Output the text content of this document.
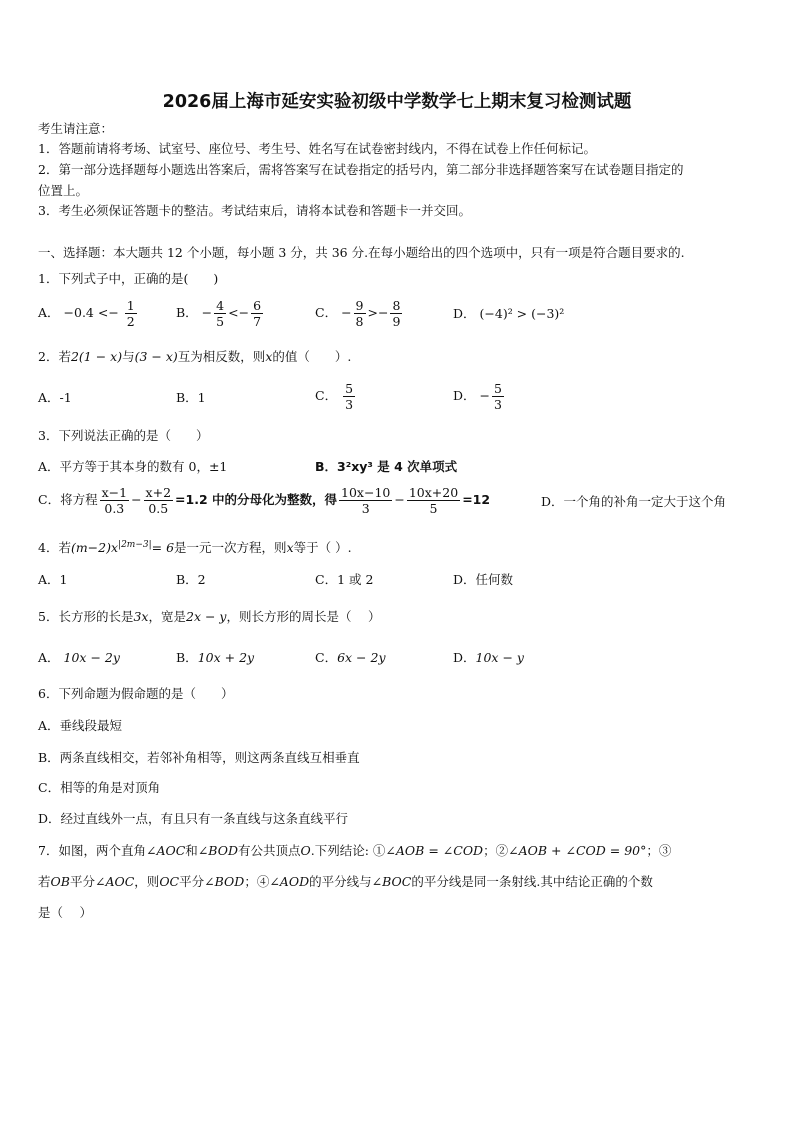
2026届上海市延安实验初级中学数学七上期末复习检测试题
考生请注意：
1．答题前请将考场、试室号、座位号、考生号、姓名写在试卷密封线内，不得在试卷上作任何标记。
2．第一部分选择题每小题选出答案后，需将答案写在试卷指定的括号内，第二部分非选择题答案写在试卷题目指定的
位置上。
3．考生必须保证答题卡的整洁。考试结束后，请将本试卷和答题卡一并交回。
一、选择题：本大题共 12 个小题，每小题 3 分，共 36 分.在每小题给出的四个选项中，只有一项是符合题目要求的.
1．下列式子中，正确的是(　　)
A． $-0.4 <- \frac{1}{2}$	B． − $\frac{4}{5} <- \frac{6}{7}$	C． − $\frac{9}{8} >- \frac{8}{9}$	D． (−4)² > (−3)²
2．若2(1 − x)与(3 − x)互为相反数，则x的值（　　）.
A．-1	B．1	C． $\frac{5}{3}$	D． − $\frac{5}{3}$
3．下列说法正确的是（　　）
A．平方等于其本身的数有 0，±1	B．3²xy³ 是 4 次单项式
C．将方程 $\frac{x-1}{0.3} - \frac{x+2}{0.5} =1.2$ 中的分母化为整数，得 $\frac{10x-10}{3} - \frac{10x+20}{5} =12$	D．一个角的补角一定大于这个角
4．若$(m-2)x^{|2m-3|}= 6$是一元一次方程，则x等于（ ）.
A．1	B．2	C．1 或 2	D．任何数
5．长方形的长是3x，宽是2x − y，则长方形的周长是（　 ）
A． 10x − 2y	B．10x + 2y	C．6x − 2y	D．10x − y
6．下列命题为假命题的是（　　）
A．垂线段最短
B．两条直线相交，若邻补角相等，则这两条直线互相垂直
C．相等的角是对顶角
D．经过直线外一点，有且只有一条直线与这条直线平行
7．如图，两个直角∠AOC和∠BOD有公共顶点O.下列结论: ①∠AOB = ∠COD；②∠AOB + ∠COD = 90°；③
若OB平分∠AOC，则OC平分∠BOD；④∠AOD的平分线与∠BOC的平分线是同一条射线.其中结论正确的个数
是（　 ）
